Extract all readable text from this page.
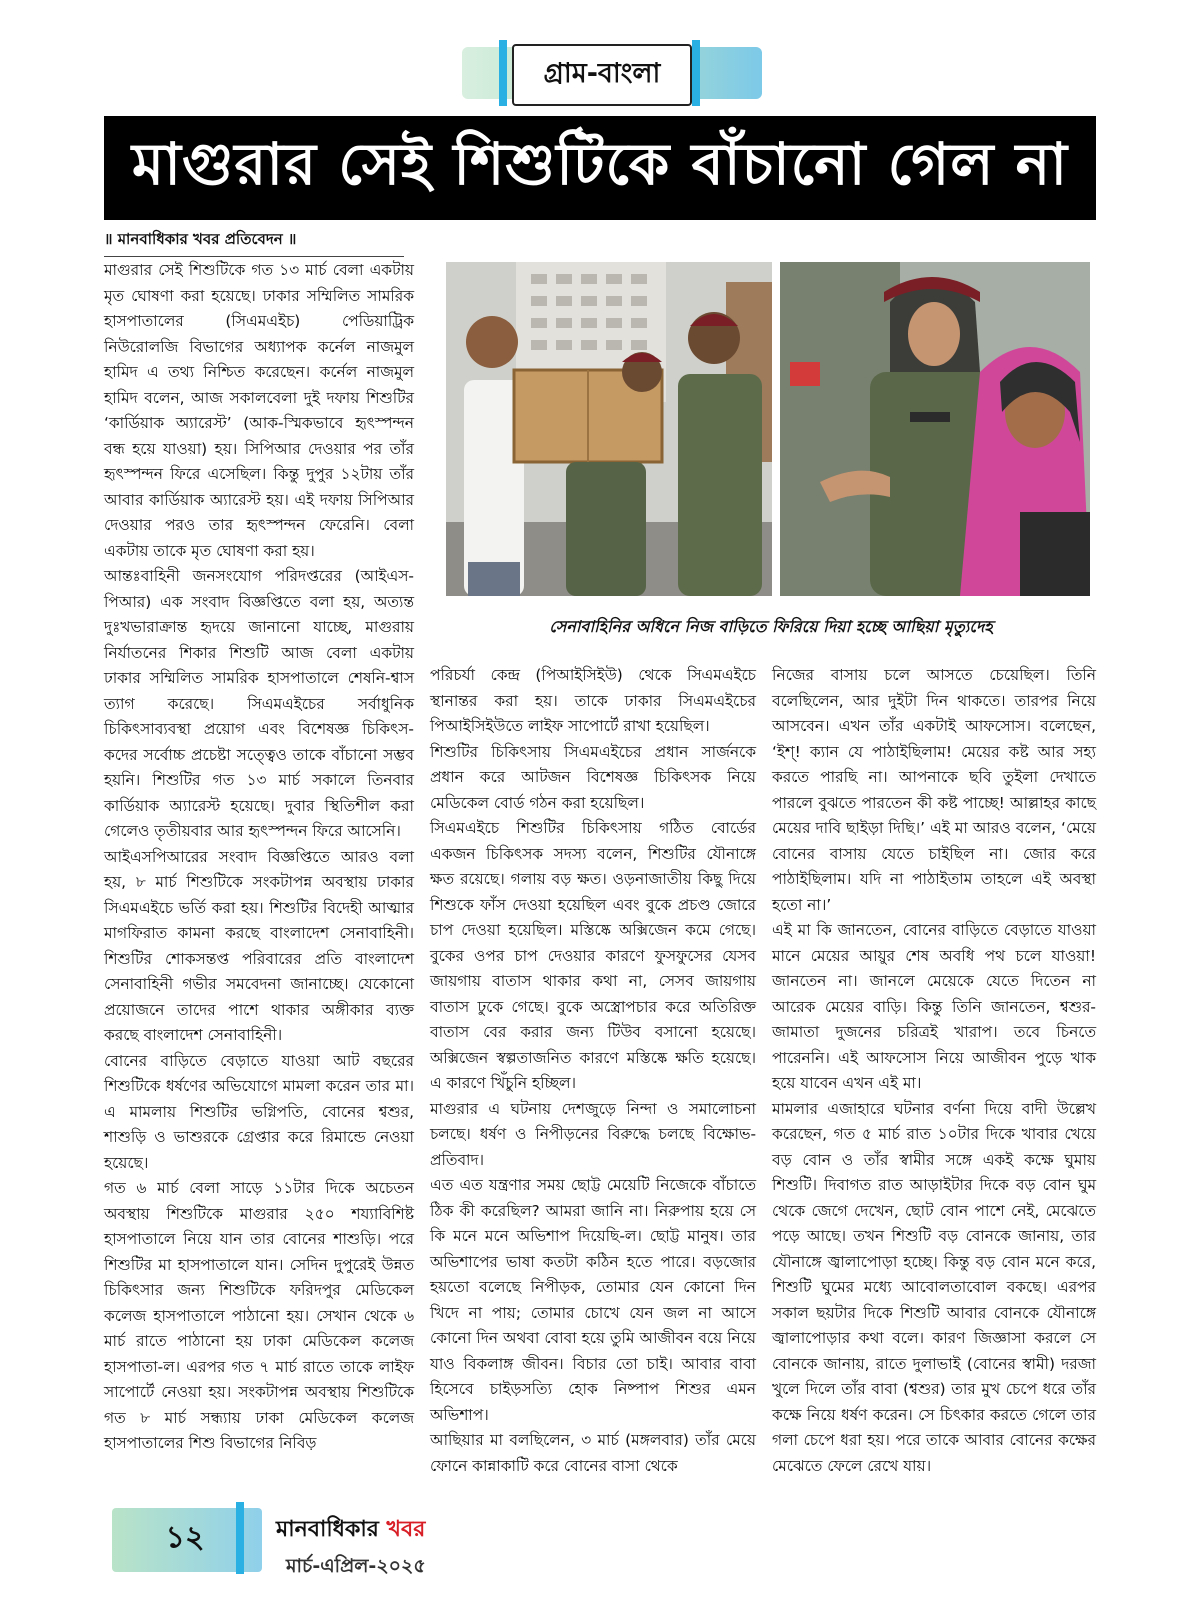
গ্রাম-বাংলা
মাগুরার সেই শিশুটিকে বাঁচানো গেল না
॥ মানবাধিকার খবর প্রতিবেদন ॥

মাগুরার সেই শিশুটিকে গত ১৩ মার্চ বেলা একটায় মৃত ঘোষণা করা হয়েছে। ঢাকার সম্মিলিত সামরিক হাসপাতালের (সিএমএইচ) পেডিয়াট্রিক নিউরোলজি বিভাগের অধ্যাপক কর্নেল নাজমুল হামিদ এ তথ্য নিশ্চিত করেছেন। কর্নেল নাজমুল হামিদ বলেন, আজ সকালবেলা দুই দফায় শিশুটির ‘কার্ডিয়াক অ্যারেস্ট’ (আক-স্মিকভাবে হৃৎস্পন্দন বন্ধ হয়ে যাওয়া) হয়। সিপিআর দেওয়ার পর তাঁর হৃৎস্পন্দন ফিরে এসেছিল। কিন্তু দুপুর ১২টায় তাঁর আবার কার্ডিয়াক অ্যারেস্ট হয়। এই দফায় সিপিআর দেওয়ার পরও তার হৃৎস্পন্দন ফেরেনি। বেলা একটায় তাকে মৃত ঘোষণা করা হয়।

আন্তঃবাহিনী জনসংযোগ পরিদপ্তরের (আইএস-পিআর) এক সংবাদ বিজ্ঞপ্তিতে বলা হয়, অত্যন্ত দুঃখভারাক্রান্ত হৃদয়ে জানানো যাচ্ছে, মাগুরায় নির্যাতনের শিকার শিশুটি আজ বেলা একটায় ঢাকার সম্মিলিত সামরিক হাসপাতালে শেষনি-শ্বাস ত্যাগ করেছে। সিএমএইচের সর্বাধুনিক চিকিৎসাব্যবস্থা প্রয়োগ এবং বিশেষজ্ঞ চিকিৎস-কদের সর্বোচ্চ প্রচেষ্টা সত্ত্বেও তাকে বাঁচানো সম্ভব হয়নি। শিশুটির গত ১৩ মার্চ সকালে তিনবার কার্ডিয়াক অ্যারেস্ট হয়েছে। দুবার স্থিতিশীল করা গেলেও তৃতীয়বার আর হৃৎস্পন্দন ফিরে আসেনি।

আইএসপিআরের সংবাদ বিজ্ঞপ্তিতে আরও বলা হয়, ৮ মার্চ শিশুটিকে সংকটাপন্ন অবস্থায় ঢাকার সিএমএইচে ভর্তি করা হয়। শিশুটির বিদেহী আত্মার মাগফিরাত কামনা করছে বাংলাদেশ সেনাবাহিনী। শিশুটির শোকসন্তপ্ত পরিবারের প্রতি বাংলাদেশ সেনাবাহিনী গভীর সমবেদনা জানাচ্ছে। যেকোনো প্রয়োজনে তাদের পাশে থাকার অঙ্গীকার ব্যক্ত করছে বাংলাদেশ সেনাবাহিনী।

বোনের বাড়িতে বেড়াতে যাওয়া আট বছরের শিশুটিকে ধর্ষণের অভিযোগে মামলা করেন তার মা। এ মামলায় শিশুটির ভগ্নিপতি, বোনের শ্বশুর, শাশুড়ি ও ভাশুরকে গ্রেপ্তার করে রিমান্ডে নেওয়া হয়েছে।

গত ৬ মার্চ বেলা সাড়ে ১১টার দিকে অচেতন অবস্থায় শিশুটিকে মাগুরার ২৫০ শয্যাবিশিষ্ট হাসপাতালে নিয়ে যান তার বোনের শাশুড়ি। পরে শিশুটির মা হাসপাতালে যান। সেদিন দুপুরেই উন্নত চিকিৎসার জন্য শিশুটিকে ফরিদপুর মেডিকেল কলেজ হাসপাতালে পাঠানো হয়। সেখান থেকে ৬ মার্চ রাতে পাঠানো হয় ঢাকা মেডিকেল কলেজ হাসপাতা-ল। এরপর গত ৭ মার্চ রাতে তাকে লাইফ সাপোর্টে নেওয়া হয়। সংকটাপন্ন অবস্থায় শিশুটিকে গত ৮ মার্চ সন্ধ্যায় ঢাকা মেডিকেল কলেজ হাসপাতালের শিশু বিভাগের নিবিড়

সেনাবাহিনির অধিনে নিজ বাড়িতে ফিরিয়ে দিয়া হচ্ছে আছিয়া মৃত্যুদেহ

পরিচর্যা কেন্দ্র (পিআইসিইউ) থেকে সিএমএইচে স্থানান্তর করা হয়। তাকে ঢাকার সিএমএইচের পিআইসিইউতে লাইফ সাপোর্টে রাখা হয়েছিল।

শিশুটির চিকিৎসায় সিএমএইচের প্রধান সার্জনকে প্রধান করে আটজন বিশেষজ্ঞ চিকিৎসক নিয়ে মেডিকেল বোর্ড গঠন করা হয়েছিল।

সিএমএইচে শিশুটির চিকিৎসায় গঠিত বোর্ডের একজন চিকিৎসক সদস্য বলেন, শিশুটির যৌনাঙ্গে ক্ষত রয়েছে। গলায় বড় ক্ষত। ওড়নাজাতীয় কিছু দিয়ে শিশুকে ফাঁস দেওয়া হয়েছিল এবং বুকে প্রচণ্ড জোরে চাপ দেওয়া হয়েছিল। মস্তিষ্কে অক্সিজেন কমে গেছে। বুকের ওপর চাপ দেওয়ার কারণে ফুসফুসের যেসব জায়গায় বাতাস থাকার কথা না, সেসব জায়গায় বাতাস ঢুকে গেছে। বুকে অস্ত্রোপচার করে অতিরিক্ত বাতাস বের করার জন্য টিউব বসানো হয়েছে। অক্সিজেন স্বল্পতাজনিত কারণে মস্তিষ্কে ক্ষতি হয়েছে। এ কারণে খিঁচুনি হচ্ছিল।

মাগুরার এ ঘটনায় দেশজুড়ে নিন্দা ও সমালোচনা চলছে। ধর্ষণ ও নিপীড়নের বিরুদ্ধে চলছে বিক্ষোভ-প্রতিবাদ।

এত এত যন্ত্রণার সময় ছোট্ট মেয়েটি নিজেকে বাঁচাতে ঠিক কী করেছিল? আমরা জানি না। নিরুপায় হয়ে সে কি মনে মনে অভিশাপ দিয়েছি-ল। ছোট্ট মানুষ। তার অভিশাপের ভাষা কতটা কঠিন হতে পারে। বড়জোর হয়তো বলেছে নিপীড়ক, তোমার যেন কোনো দিন খিদে না পায়; তোমার চোখে যেন জল না আসে কোনো দিন অথবা বোবা হয়ে তুমি আজীবন বয়ে নিয়ে যাও বিকলাঙ্গ জীবন। বিচার তো চাই। আবার বাবা হিসেবে চাইড়সত্যি হোক নিষ্পাপ শিশুর এমন অভিশাপ।

আছিয়ার মা বলছিলেন, ৩ মার্চ (মঙ্গলবার) তাঁর মেয়ে ফোনে কান্নাকাটি করে বোনের বাসা থেকে

নিজের বাসায় চলে আসতে চেয়েছিল। তিনি বলেছিলেন, আর দুইটা দিন থাকতে। তারপর নিয়ে আসবেন। এখন তাঁর একটাই আফসোস। বলেছেন, ‘ইশ্! ক্যান যে পাঠাইছিলাম! মেয়ের কষ্ট আর সহ্য করতে পারছি না। আপনাকে ছবি তুইলা দেখাতে পারলে বুঝতে পারতেন কী কষ্ট পাচ্ছে! আল্লাহর কাছে মেয়ের দাবি ছাইড়া দিছি।’ এই মা আরও বলেন, ‘মেয়ে বোনের বাসায় যেতে চাইছিল না। জোর করে পাঠাইছিলাম। যদি না পাঠাইতাম তাহলে এই অবস্থা হতো না।’

এই মা কি জানতেন, বোনের বাড়িতে বেড়াতে যাওয়া মানে মেয়ের আয়ুর শেষ অবধি পথ চলে যাওয়া! জানতেন না। জানলে মেয়েকে যেতে দিতেন না আরেক মেয়ের বাড়ি। কিন্তু তিনি জানতেন, শ্বশুর-জামাতা দুজনের চরিত্রই খারাপ। তবে চিনতে পারেননি। এই আফসোস নিয়ে আজীবন পুড়ে খাক হয়ে যাবেন এখন এই মা।

মামলার এজাহারে ঘটনার বর্ণনা দিয়ে বাদী উল্লেখ করেছেন, গত ৫ মার্চ রাত ১০টার দিকে খাবার খেয়ে বড় বোন ও তাঁর স্বামীর সঙ্গে একই কক্ষে ঘুমায় শিশুটি। দিবাগত রাত আড়াইটার দিকে বড় বোন ঘুম থেকে জেগে দেখেন, ছোট বোন পাশে নেই, মেঝেতে পড়ে আছে। তখন শিশুটি বড় বোনকে জানায়, তার যৌনাঙ্গে জ্বালাপোড়া হচ্ছে। কিন্তু বড় বোন মনে করে, শিশুটি ঘুমের মধ্যে আবোলতাবোল বকছে। এরপর সকাল ছয়টার দিকে শিশুটি আবার বোনকে যৌনাঙ্গে জ্বালাপোড়ার কথা বলে। কারণ জিজ্ঞাসা করলে সে বোনকে জানায়, রাতে দুলাভাই (বোনের স্বামী) দরজা খুলে দিলে তাঁর বাবা (শ্বশুর) তার মুখ চেপে ধরে তাঁর কক্ষে নিয়ে ধর্ষণ করেন। সে চিৎকার করতে গেলে তার গলা চেপে ধরা হয়। পরে তাকে আবার বোনের কক্ষের মেঝেতে ফেলে রেখে যায়।

১২	মানবাধিকার খবর
মার্চ-এপ্রিল-২০২৫
